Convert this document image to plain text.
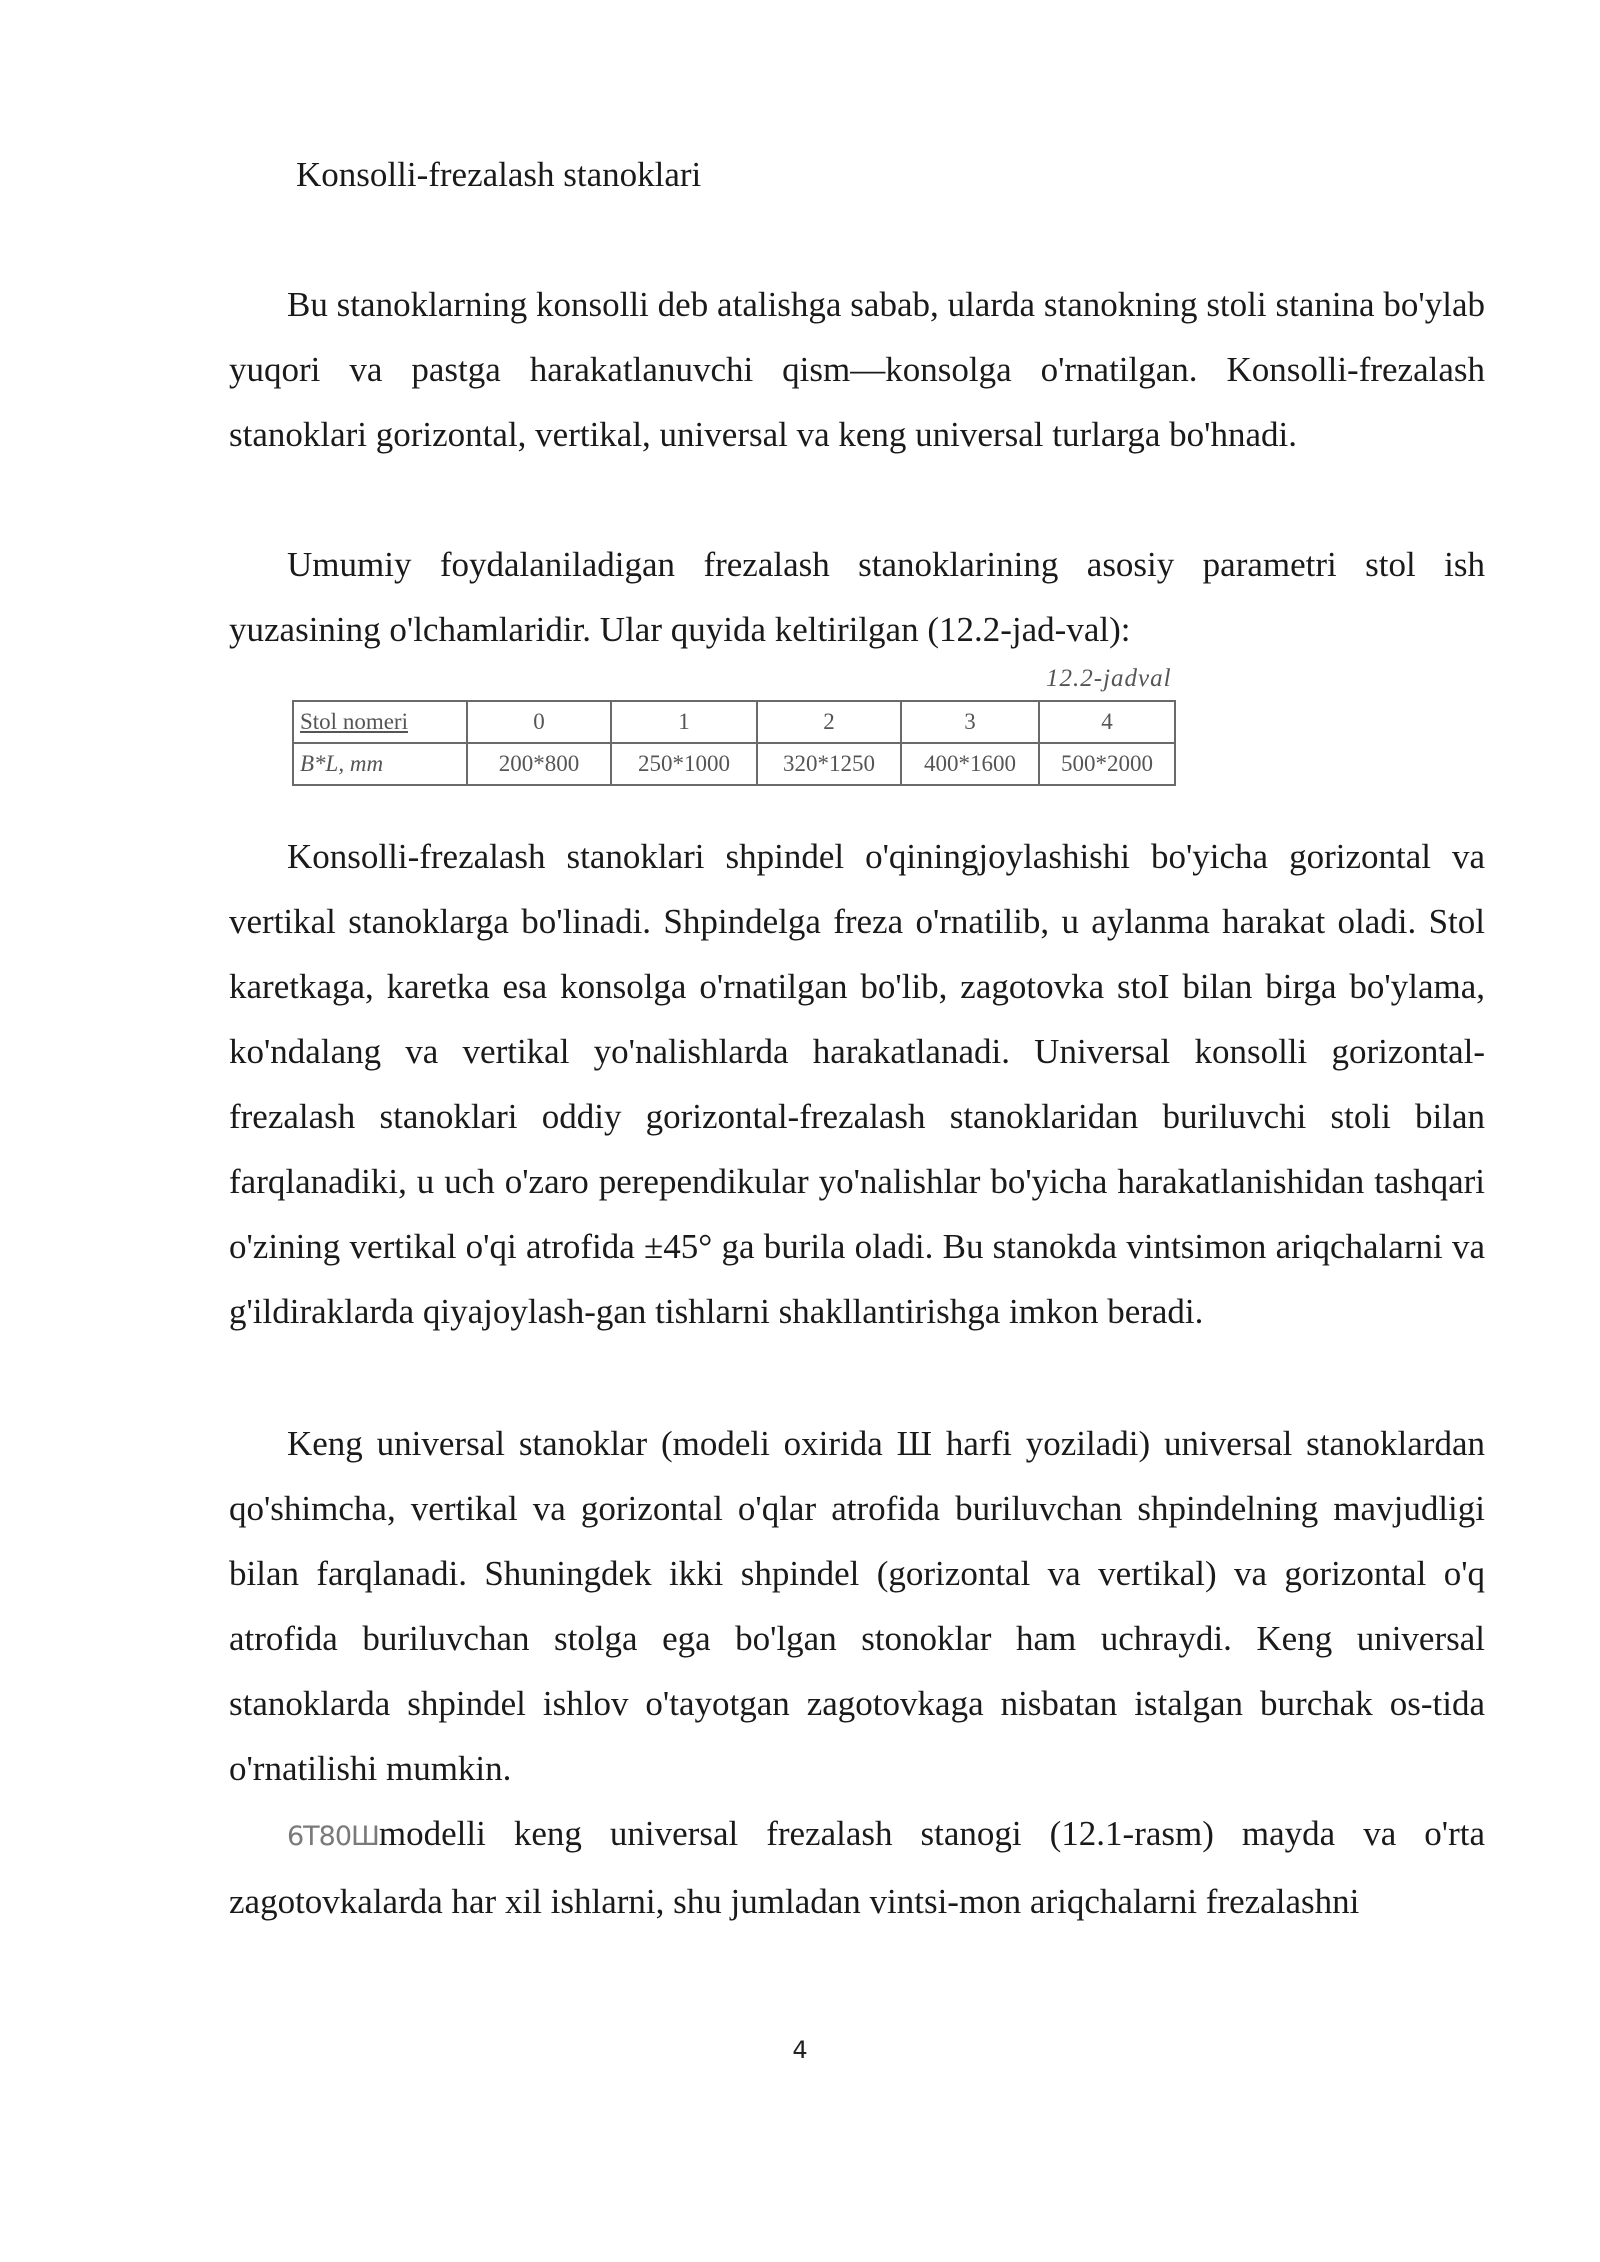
Konsolli-frezalash stanoklari

Bu stanoklarning konsolli deb atalishga sabab, ularda stanokning stoli stanina bo'ylab yuqori va pastga harakatlanuvchi qism—konsolga o'rnatilgan. Konsolli-frezalash stanoklari gorizontal, vertikal, universal va keng universal turlarga bo'hnadi.

Umumiy foydalaniladigan frezalash stanoklarining asosiy parametri stol ish yuzasining o'lchamlaridir. Ular quyida keltirilgan (12.2-jad-val):

12.2-jadval
Stol nomeri	0	1	2	3	4
B*L, mm	200*800	250*1000	320*1250	400*1600	500*2000

Konsolli-frezalash stanoklari shpindel o'qiningjoylashishi bo'yicha gorizontal va vertikal stanoklarga bo'linadi. Shpindelga freza o'rnatilib, u aylanma harakat oladi. Stol karetkaga, karetka esa konsolga o'rnatilgan bo'lib, zagotovka stoI bilan birga bo'ylama, ko'ndalang va vertikal yo'nalishlarda harakatlanadi. Universal konsolli gorizontal-frezalash stanoklari oddiy gorizontal-frezalash stanoklaridan buriluvchi stoli bilan farqlanadiki, u uch o'zaro perependikular yo'nalishlar bo'yicha harakatlanishidan tashqari o'zining vertikal o'qi atrofida ±45° ga burila oladi. Bu stanokda vintsimon ariqchalarni va g'ildiraklarda qiyajoylash-gan tishlarni shakllantirishga imkon beradi.

Keng universal stanoklar (modeli oxirida Ш harfi yoziladi) universal stanoklardan qo'shimcha, vertikal va gorizontal o'qlar atrofida buriluvchan shpindelning mavjudligi bilan farqlanadi. Shuningdek ikki shpindel (gorizontal va vertikal) va gorizontal o'q atrofida buriluvchan stolga ega bo'lgan stonoklar ham uchraydi. Keng universal stanoklarda shpindel ishlov o'tayotgan zagotovkaga nisbatan istalgan burchak os-tida o'rnatilishi mumkin.

6Т80Шmodelli keng universal frezalash stanogi (12.1-rasm) mayda va o'rta zagotovkalarda har xil ishlarni, shu jumladan vintsi-mon ariqchalarni frezalashni

4
